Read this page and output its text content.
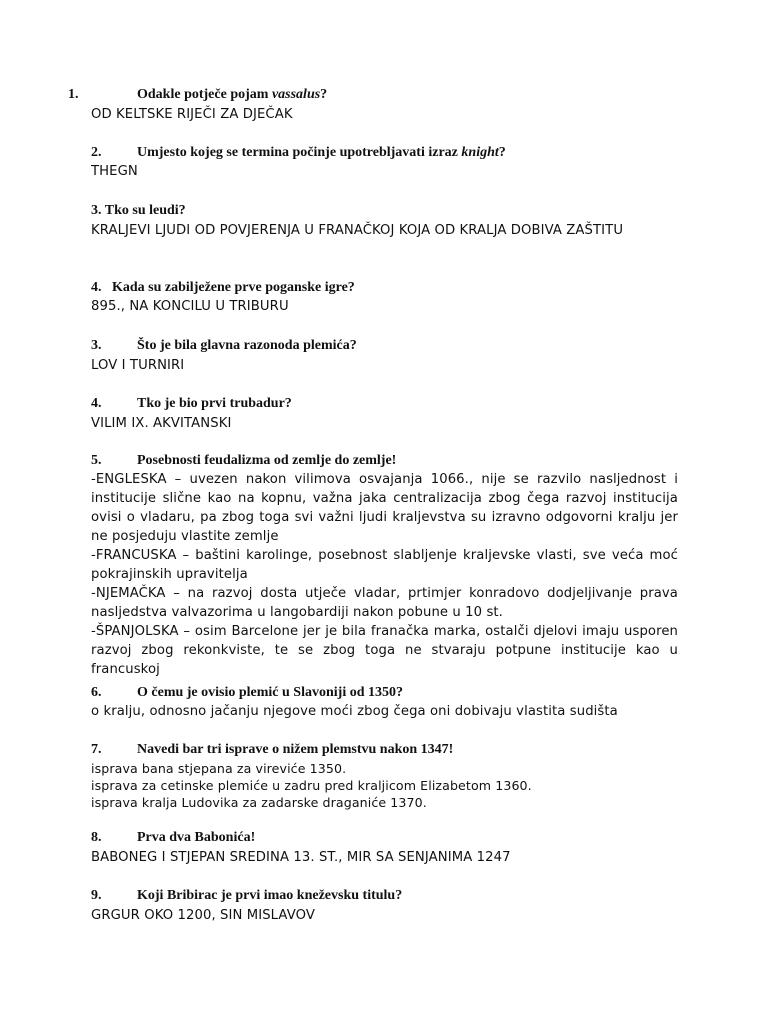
1.	Odakle potječe pojam vassalus?

OD KELTSKE RIJEČI ZA DJEČAK

2.	Umjesto kojeg se termina počinje upotrebljavati izraz knight?

THEGN

3. Tko su leudi?

KRALJEVI LJUDI OD POVJERENJA U FRANAČKOJ KOJA OD KRALJA DOBIVA ZAŠTITU

4. Kada su zabilježene prve poganske igre?

895., NA KONCILU U TRIBURU

3.	Što je bila glavna razonoda plemića?

LOV I TURNIRI

4.	Tko je bio prvi trubadur?

VILIM IX. AKVITANSKI

5.	Posebnosti feudalizma od zemlje do zemlje!

-ENGLESKA – uvezen nakon vilimova osvajanja 1066., nije se razvilo nasljednost i institucije slične kao na kopnu, važna jaka centralizacija zbog čega razvoj institucija ovisi o vladaru, pa zbog toga svi važni ljudi kraljevstva su izravno odgovorni kralju jer ne posjeduju vlastite zemlje

-FRANCUSKA – baštini karolinge, posebnost slabljenje kraljevske vlasti, sve veća moć pokrajinskih upravitelja

-NJEMAČKA – na razvoj dosta utječe vladar, prtimjer konradovo dodjeljivanje prava nasljedstva valvazorima u langobardiji nakon pobune u 10 st.

-ŠPANJOLSKA – osim Barcelone jer je bila franačka marka, ostalči djelovi imaju usporen razvoj zbog rekonkviste, te se zbog toga ne stvaraju potpune institucije kao u francuskoj

6.	O čemu je ovisio plemić u Slavoniji od 1350?

o kralju, odnosno jačanju njegove moći zbog čega oni dobivaju vlastita sudišta

7.	Navedi bar tri isprave o nižem plemstvu nakon 1347!

isprava bana stjepana za vireviće 1350.

isprava za cetinske plemiće u zadru pred kraljicom Elizabetom 1360.

isprava kralja Ludovika za zadarske draganiće 1370.

8.	Prva dva Babonića!

BABONEG I STJEPAN SREDINA 13. ST., MIR SA SENJANIMA 1247

9.	Koji Bribirac je prvi imao kneževsku titulu?

GRGUR OKO 1200, SIN MISLAVOV
